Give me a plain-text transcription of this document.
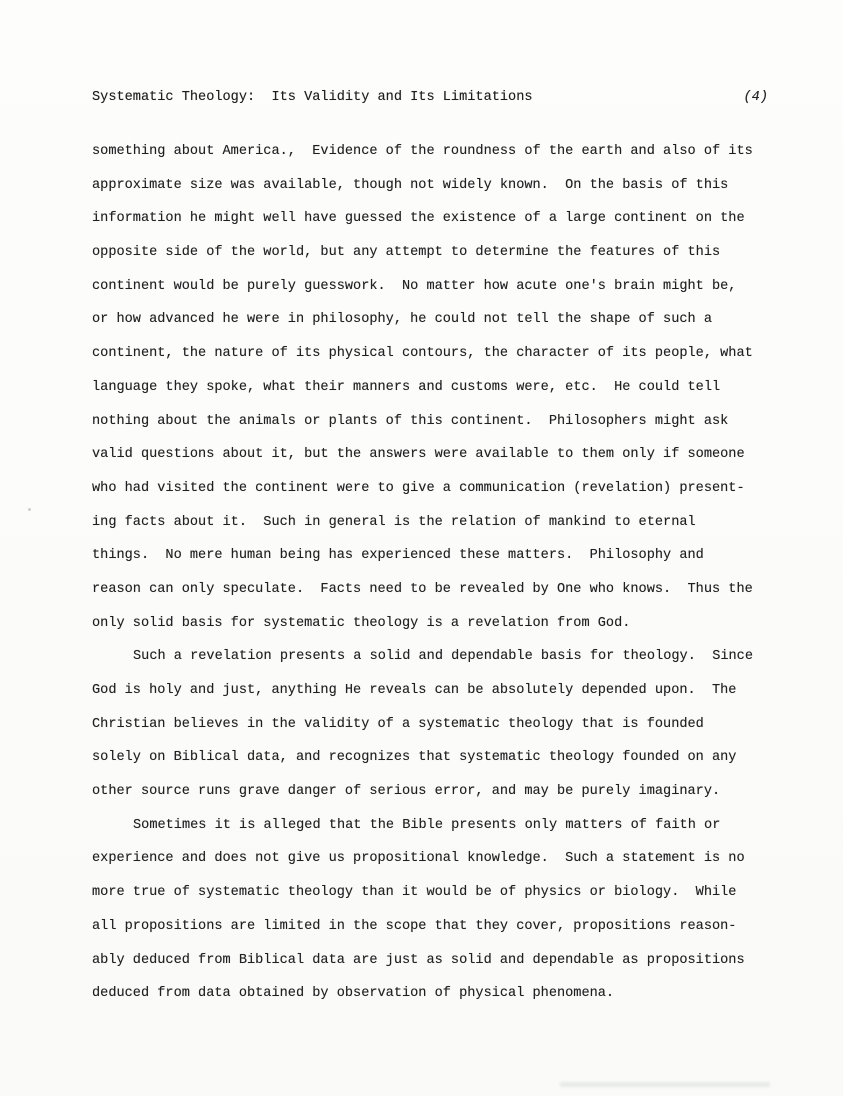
Systematic Theology:  Its Validity and Its Limitations	(4)
something about America.,  Evidence of the roundness of the earth and also of its
approximate size was available, though not widely known.  On the basis of this
information he might well have guessed the existence of a large continent on the
opposite side of the world, but any attempt to determine the features of this
continent would be purely guesswork.  No matter how acute one's brain might be,
or how advanced he were in philosophy, he could not tell the shape of such a
continent, the nature of its physical contours, the character of its people, what
language they spoke, what their manners and customs were, etc.  He could tell
nothing about the animals or plants of this continent.  Philosophers might ask
valid questions about it, but the answers were available to them only if someone
who had visited the continent were to give a communication (revelation) present-
ing facts about it.  Such in general is the relation of mankind to eternal
things.  No mere human being has experienced these matters.  Philosophy and
reason can only speculate.  Facts need to be revealed by One who knows.  Thus the
only solid basis for systematic theology is a revelation from God.
Such a revelation presents a solid and dependable basis for theology.  Since
God is holy and just, anything He reveals can be absolutely depended upon.  The
Christian believes in the validity of a systematic theology that is founded
solely on Biblical data, and recognizes that systematic theology founded on any
other source runs grave danger of serious error, and may be purely imaginary.
Sometimes it is alleged that the Bible presents only matters of faith or
experience and does not give us propositional knowledge.  Such a statement is no
more true of systematic theology than it would be of physics or biology.  While
all propositions are limited in the scope that they cover, propositions reason-
ably deduced from Biblical data are just as solid and dependable as propositions
deduced from data obtained by observation of physical phenomena.
